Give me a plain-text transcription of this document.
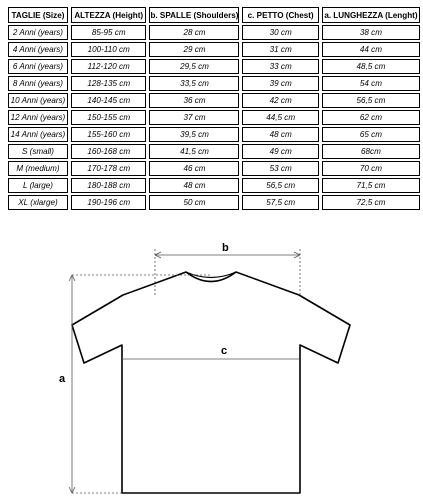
TAGLIE (Size)	ALTEZZA (Height)	b. SPALLE (Shoulders)	c. PETTO (Chest)	a. LUNGHEZZA (Lenght)
2 Anni (years)	85-95 cm	28 cm	30 cm	38 cm
4 Anni (years)	100-110 cm	29 cm	31 cm	44 cm
6 Anni (years)	112-120 cm	29,5 cm	33 cm	48,5 cm
8 Anni (years)	128-135 cm	33,5 cm	39 cm	54 cm
10 Anni (years)	140-145 cm	36 cm	42 cm	56,5 cm
12 Anni (years)	150-155 cm	37 cm	44,5 cm	62 cm
14 Anni (years)	155-160 cm	39,5 cm	48 cm	65 cm
S (small)	160-168 cm	41,5 cm	49 cm	68cm
M (medium)	170-178 cm	46 cm	53 cm	70 cm
L (large)	180-188 cm	48 cm	56,5 cm	71,5 cm
XL (xlarge)	190-196 cm	50 cm	57,5 cm	72,5 cm
b
c
a
